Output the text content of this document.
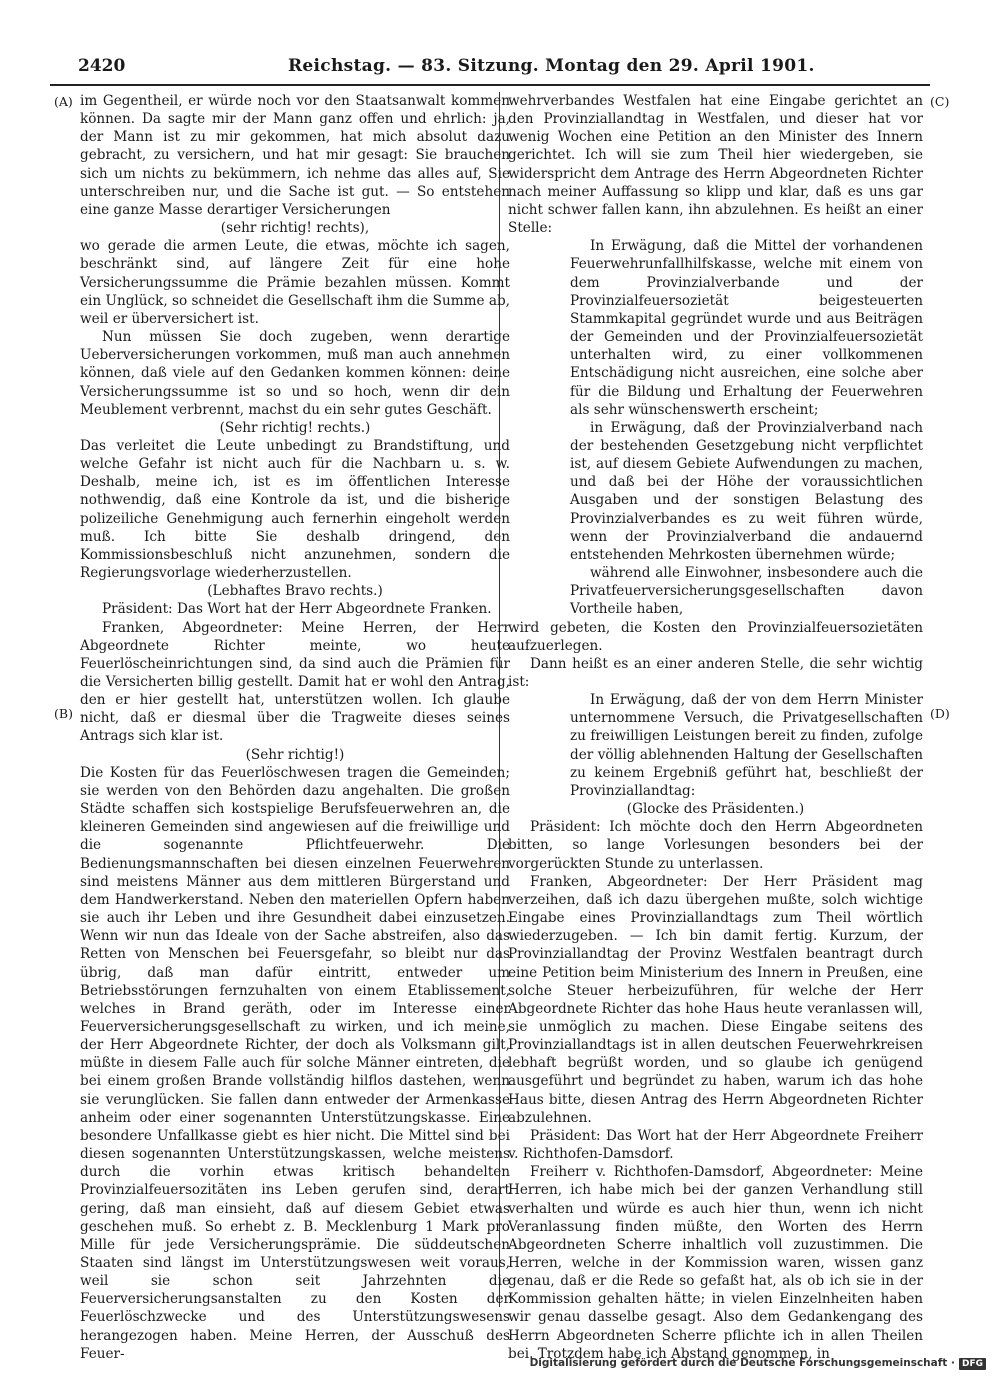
2420	Reichstag. — 83. Sitzung. Montag den 29. April 1901.
(A)
(B)
(C)
(D)

im Gegentheil, er würde noch vor den Staatsanwalt kommen können. Da sagte mir der Mann ganz offen und ehrlich: ja, der Mann ist zu mir gekommen, hat mich absolut dazu gebracht, zu versichern, und hat mir gesagt: Sie brauchen sich um nichts zu bekümmern, ich nehme das alles auf, Sie unterschreiben nur, und die Sache ist gut. — So entstehen eine ganze Masse derartiger Versicherungen

(sehr richtig! rechts),

wo gerade die armen Leute, die etwas, möchte ich sagen, beschränkt sind, auf längere Zeit für eine hohe Versicherungssumme die Prämie bezahlen müssen. Kommt ein Unglück, so schneidet die Gesellschaft ihm die Summe ab, weil er überversichert ist.

Nun müssen Sie doch zugeben, wenn derartige Ueberversicherungen vorkommen, muß man auch annehmen können, daß viele auf den Gedanken kommen können: deine Versicherungssumme ist so und so hoch, wenn dir dein Meublement verbrennt, machst du ein sehr gutes Geschäft.

(Sehr richtig! rechts.)

Das verleitet die Leute unbedingt zu Brandstiftung, und welche Gefahr ist nicht auch für die Nachbarn u. s. w. Deshalb, meine ich, ist es im öffentlichen Interesse nothwendig, daß eine Kontrole da ist, und die bisherige polizeiliche Genehmigung auch fernerhin eingeholt werden muß. Ich bitte Sie deshalb dringend, den Kommissionsbeschluß nicht anzunehmen, sondern die Regierungsvorlage wiederherzustellen.

(Lebhaftes Bravo rechts.)

Präsident: Das Wort hat der Herr Abgeordnete Franken.

Franken, Abgeordneter: Meine Herren, der Herr Abgeordnete Richter meinte, wo heute Feuerlöscheinrichtungen sind, da sind auch die Prämien für die Versicherten billig gestellt. Damit hat er wohl den Antrag, den er hier gestellt hat, unterstützen wollen. Ich glaube nicht, daß er diesmal über die Tragweite dieses seines Antrags sich klar ist.

(Sehr richtig!)

Die Kosten für das Feuerlöschwesen tragen die Gemeinden; sie werden von den Behörden dazu angehalten. Die großen Städte schaffen sich kostspielige Berufsfeuerwehren an, die kleineren Gemeinden sind angewiesen auf die freiwillige und die sogenannte Pflichtfeuerwehr. Die Bedienungsmannschaften bei diesen einzelnen Feuerwehren sind meistens Männer aus dem mittleren Bürgerstand und dem Handwerkerstand. Neben den materiellen Opfern haben sie auch ihr Leben und ihre Gesundheit dabei einzusetzen. Wenn wir nun das Ideale von der Sache abstreifen, also das Retten von Menschen bei Feuersgefahr, so bleibt nur das übrig, daß man dafür eintritt, entweder um Betriebsstörungen fernzuhalten von einem Etablissement, welches in Brand geräth, oder im Interesse einer Feuerversicherungsgesellschaft zu wirken, und ich meine, der Herr Abgeordnete Richter, der doch als Volksmann gilt, müßte in diesem Falle auch für solche Männer eintreten, die bei einem großen Brande vollständig hilflos dastehen, wenn sie verunglücken. Sie fallen dann entweder der Armenkasse anheim oder einer sogenannten Unterstützungskasse. Eine besondere Unfallkasse giebt es hier nicht. Die Mittel sind bei diesen sogenannten Unterstützungskassen, welche meistens durch die vorhin etwas kritisch behandelten Provinzialfeuersozitäten ins Leben gerufen sind, derart gering, daß man einsieht, daß auf diesem Gebiet etwas geschehen muß. So erhebt z. B. Mecklenburg 1 Mark pro Mille für jede Versicherungsprämie. Die süddeutschen Staaten sind längst im Unterstützungswesen weit voraus, weil sie schon seit Jahrzehnten die Feuerversicherungsanstalten zu den Kosten der Feuerlöschzwecke und des Unterstützungswesens herangezogen haben. Meine Herren, der Ausschuß des Feuer-

wehrverbandes Westfalen hat eine Eingabe gerichtet an den Provinziallandtag in Westfalen, und dieser hat vor wenig Wochen eine Petition an den Minister des Innern gerichtet. Ich will sie zum Theil hier wiedergeben, sie widerspricht dem Antrage des Herrn Abgeordneten Richter nach meiner Auffassung so klipp und klar, daß es uns gar nicht schwer fallen kann, ihn abzulehnen. Es heißt an einer Stelle:

In Erwägung, daß die Mittel der vorhandenen Feuerwehrunfallhilfskasse, welche mit einem von dem Provinzialverbande und der Provinzialfeuersozietät beigesteuerten Stammkapital gegründet wurde und aus Beiträgen der Gemeinden und der Provinzialfeuersozietät unterhalten wird, zu einer vollkommenen Entschädigung nicht ausreichen, eine solche aber für die Bildung und Erhaltung der Feuerwehren als sehr wünschenswerth erscheint;

in Erwägung, daß der Provinzialverband nach der bestehenden Gesetzgebung nicht verpflichtet ist, auf diesem Gebiete Aufwendungen zu machen, und daß bei der Höhe der voraussichtlichen Ausgaben und der sonstigen Belastung des Provinzialverbandes es zu weit führen würde, wenn der Provinzialverband die andauernd entstehenden Mehrkosten übernehmen würde;

während alle Einwohner, insbesondere auch die Privatfeuerversicherungsgesellschaften davon Vortheile haben,

wird gebeten, die Kosten den Provinzialfeuersozietäten aufzuerlegen.

Dann heißt es an einer anderen Stelle, die sehr wichtig ist:

In Erwägung, daß der von dem Herrn Minister unternommene Versuch, die Privatgesellschaften zu freiwilligen Leistungen bereit zu finden, zufolge der völlig ablehnenden Haltung der Gesellschaften zu keinem Ergebniß geführt hat, beschließt der Provinziallandtag:

(Glocke des Präsidenten.)

Präsident: Ich möchte doch den Herrn Abgeordneten bitten, so lange Vorlesungen besonders bei der vorgerückten Stunde zu unterlassen.

Franken, Abgeordneter: Der Herr Präsident mag verzeihen, daß ich dazu übergehen mußte, solch wichtige Eingabe eines Provinziallandtags zum Theil wörtlich wiederzugeben. — Ich bin damit fertig. Kurzum, der Provinziallandtag der Provinz Westfalen beantragt durch eine Petition beim Ministerium des Innern in Preußen, eine solche Steuer herbeizuführen, für welche der Herr Abgeordnete Richter das hohe Haus heute veranlassen will, sie unmöglich zu machen. Diese Eingabe seitens des Provinziallandtags ist in allen deutschen Feuerwehrkreisen lebhaft begrüßt worden, und so glaube ich genügend ausgeführt und begründet zu haben, warum ich das hohe Haus bitte, diesen Antrag des Herrn Abgeordneten Richter abzulehnen.

Präsident: Das Wort hat der Herr Abgeordnete Freiherr v. Richthofen-Damsdorf.

Freiherr v. Richthofen-Damsdorf, Abgeordneter: Meine Herren, ich habe mich bei der ganzen Verhandlung still verhalten und würde es auch hier thun, wenn ich nicht Veranlassung finden müßte, den Worten des Herrn Abgeordneten Scherre inhaltlich voll zuzustimmen. Die Herren, welche in der Kommission waren, wissen ganz genau, daß er die Rede so gefaßt hat, als ob ich sie in der Kommission gehalten hätte; in vielen Einzelnheiten haben wir genau dasselbe gesagt. Also dem Gedankengang des Herrn Abgeordneten Scherre pflichte ich in allen Theilen bei. Trotzdem habe ich Abstand genommen, in

Digitalisierung gefördert durch die Deutsche Forschungsgemeinschaft · DFG
